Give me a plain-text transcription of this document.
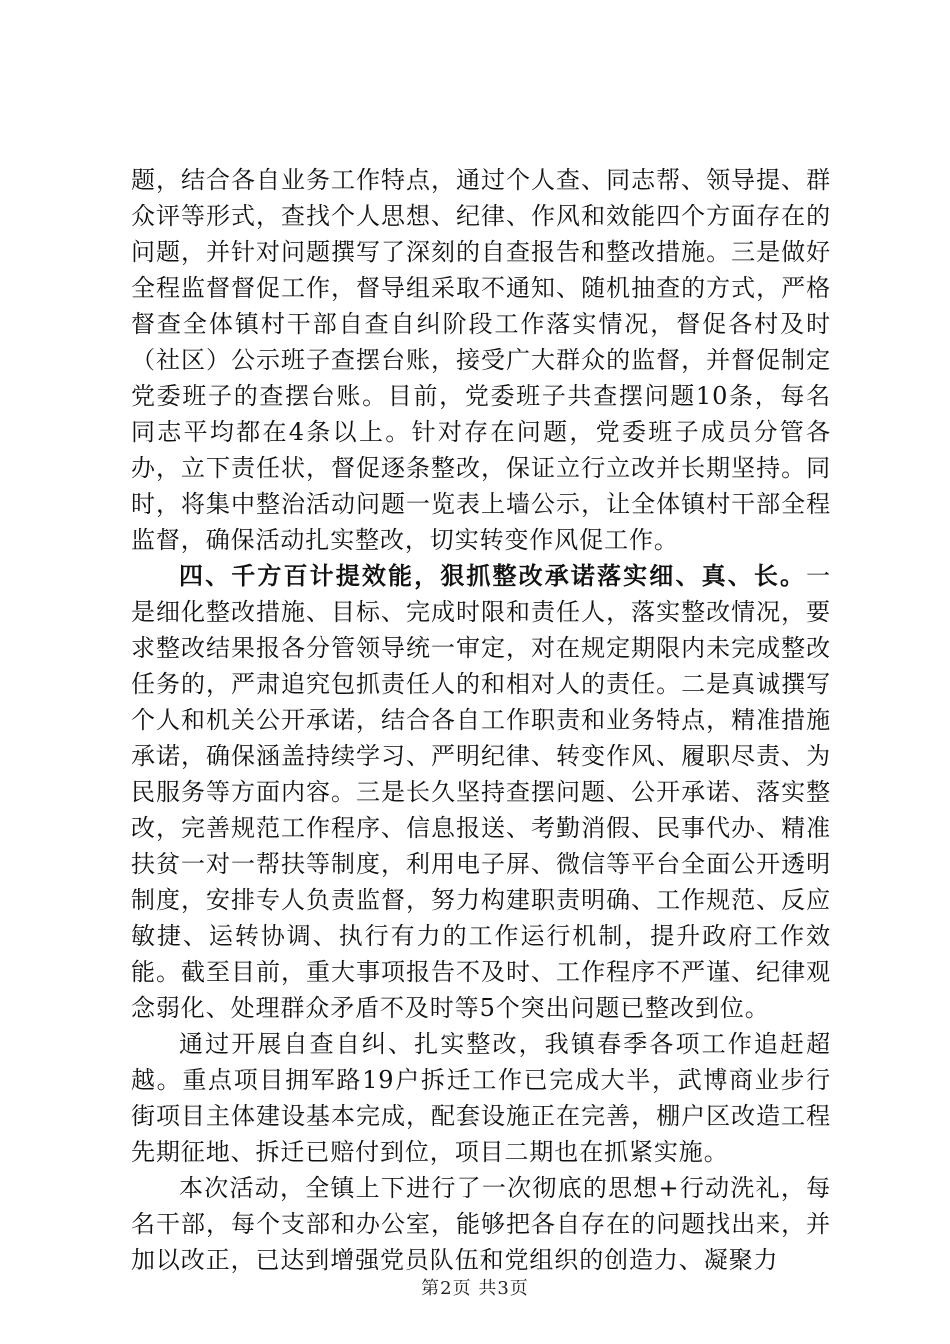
题，结合各自业务工作特点，通过个人查、同志帮、领导提、群众评等形式，查找个人思想、纪律、作风和效能四个方面存在的问题，并针对问题撰写了深刻的自查报告和整改措施。三是做好全程监督督促工作，督导组采取不通知、随机抽查的方式，严格督查全体镇村干部自查自纠阶段工作落实情况，督促各村及时（社区）公示班子查摆台账，接受广大群众的监督，并督促制定党委班子的查摆台账。目前，党委班子共查摆问题10条，每名同志平均都在4条以上。针对存在问题，党委班子成员分管各办，立下责任状，督促逐条整改，保证立行立改并长期坚持。同时，将集中整治活动问题一览表上墙公示，让全体镇村干部全程监督，确保活动扎实整改，切实转变作风促工作。

四、千方百计提效能，狠抓整改承诺落实细、真、长。一是细化整改措施、目标、完成时限和责任人，落实整改情况，要求整改结果报各分管领导统一审定，对在规定期限内未完成整改任务的，严肃追究包抓责任人的和相对人的责任。二是真诚撰写个人和机关公开承诺，结合各自工作职责和业务特点，精准措施承诺，确保涵盖持续学习、严明纪律、转变作风、履职尽责、为民服务等方面内容。三是长久坚持查摆问题、公开承诺、落实整改，完善规范工作程序、信息报送、考勤消假、民事代办、精准扶贫一对一帮扶等制度，利用电子屏、微信等平台全面公开透明制度，安排专人负责监督，努力构建职责明确、工作规范、反应敏捷、运转协调、执行有力的工作运行机制，提升政府工作效能。截至目前，重大事项报告不及时、工作程序不严谨、纪律观念弱化、处理群众矛盾不及时等5个突出问题已整改到位。

通过开展自查自纠、扎实整改，我镇春季各项工作追赶超越。重点项目拥军路19户拆迁工作已完成大半，武博商业步行街项目主体建设基本完成，配套设施正在完善，棚户区改造工程先期征地、拆迁已赔付到位，项目二期也在抓紧实施。

本次活动，全镇上下进行了一次彻底的思想+行动洗礼，每名干部，每个支部和办公室，能够把各自存在的问题找出来，并加以改正，已达到增强党员队伍和党组织的创造力、凝聚力

第2页 共3页
